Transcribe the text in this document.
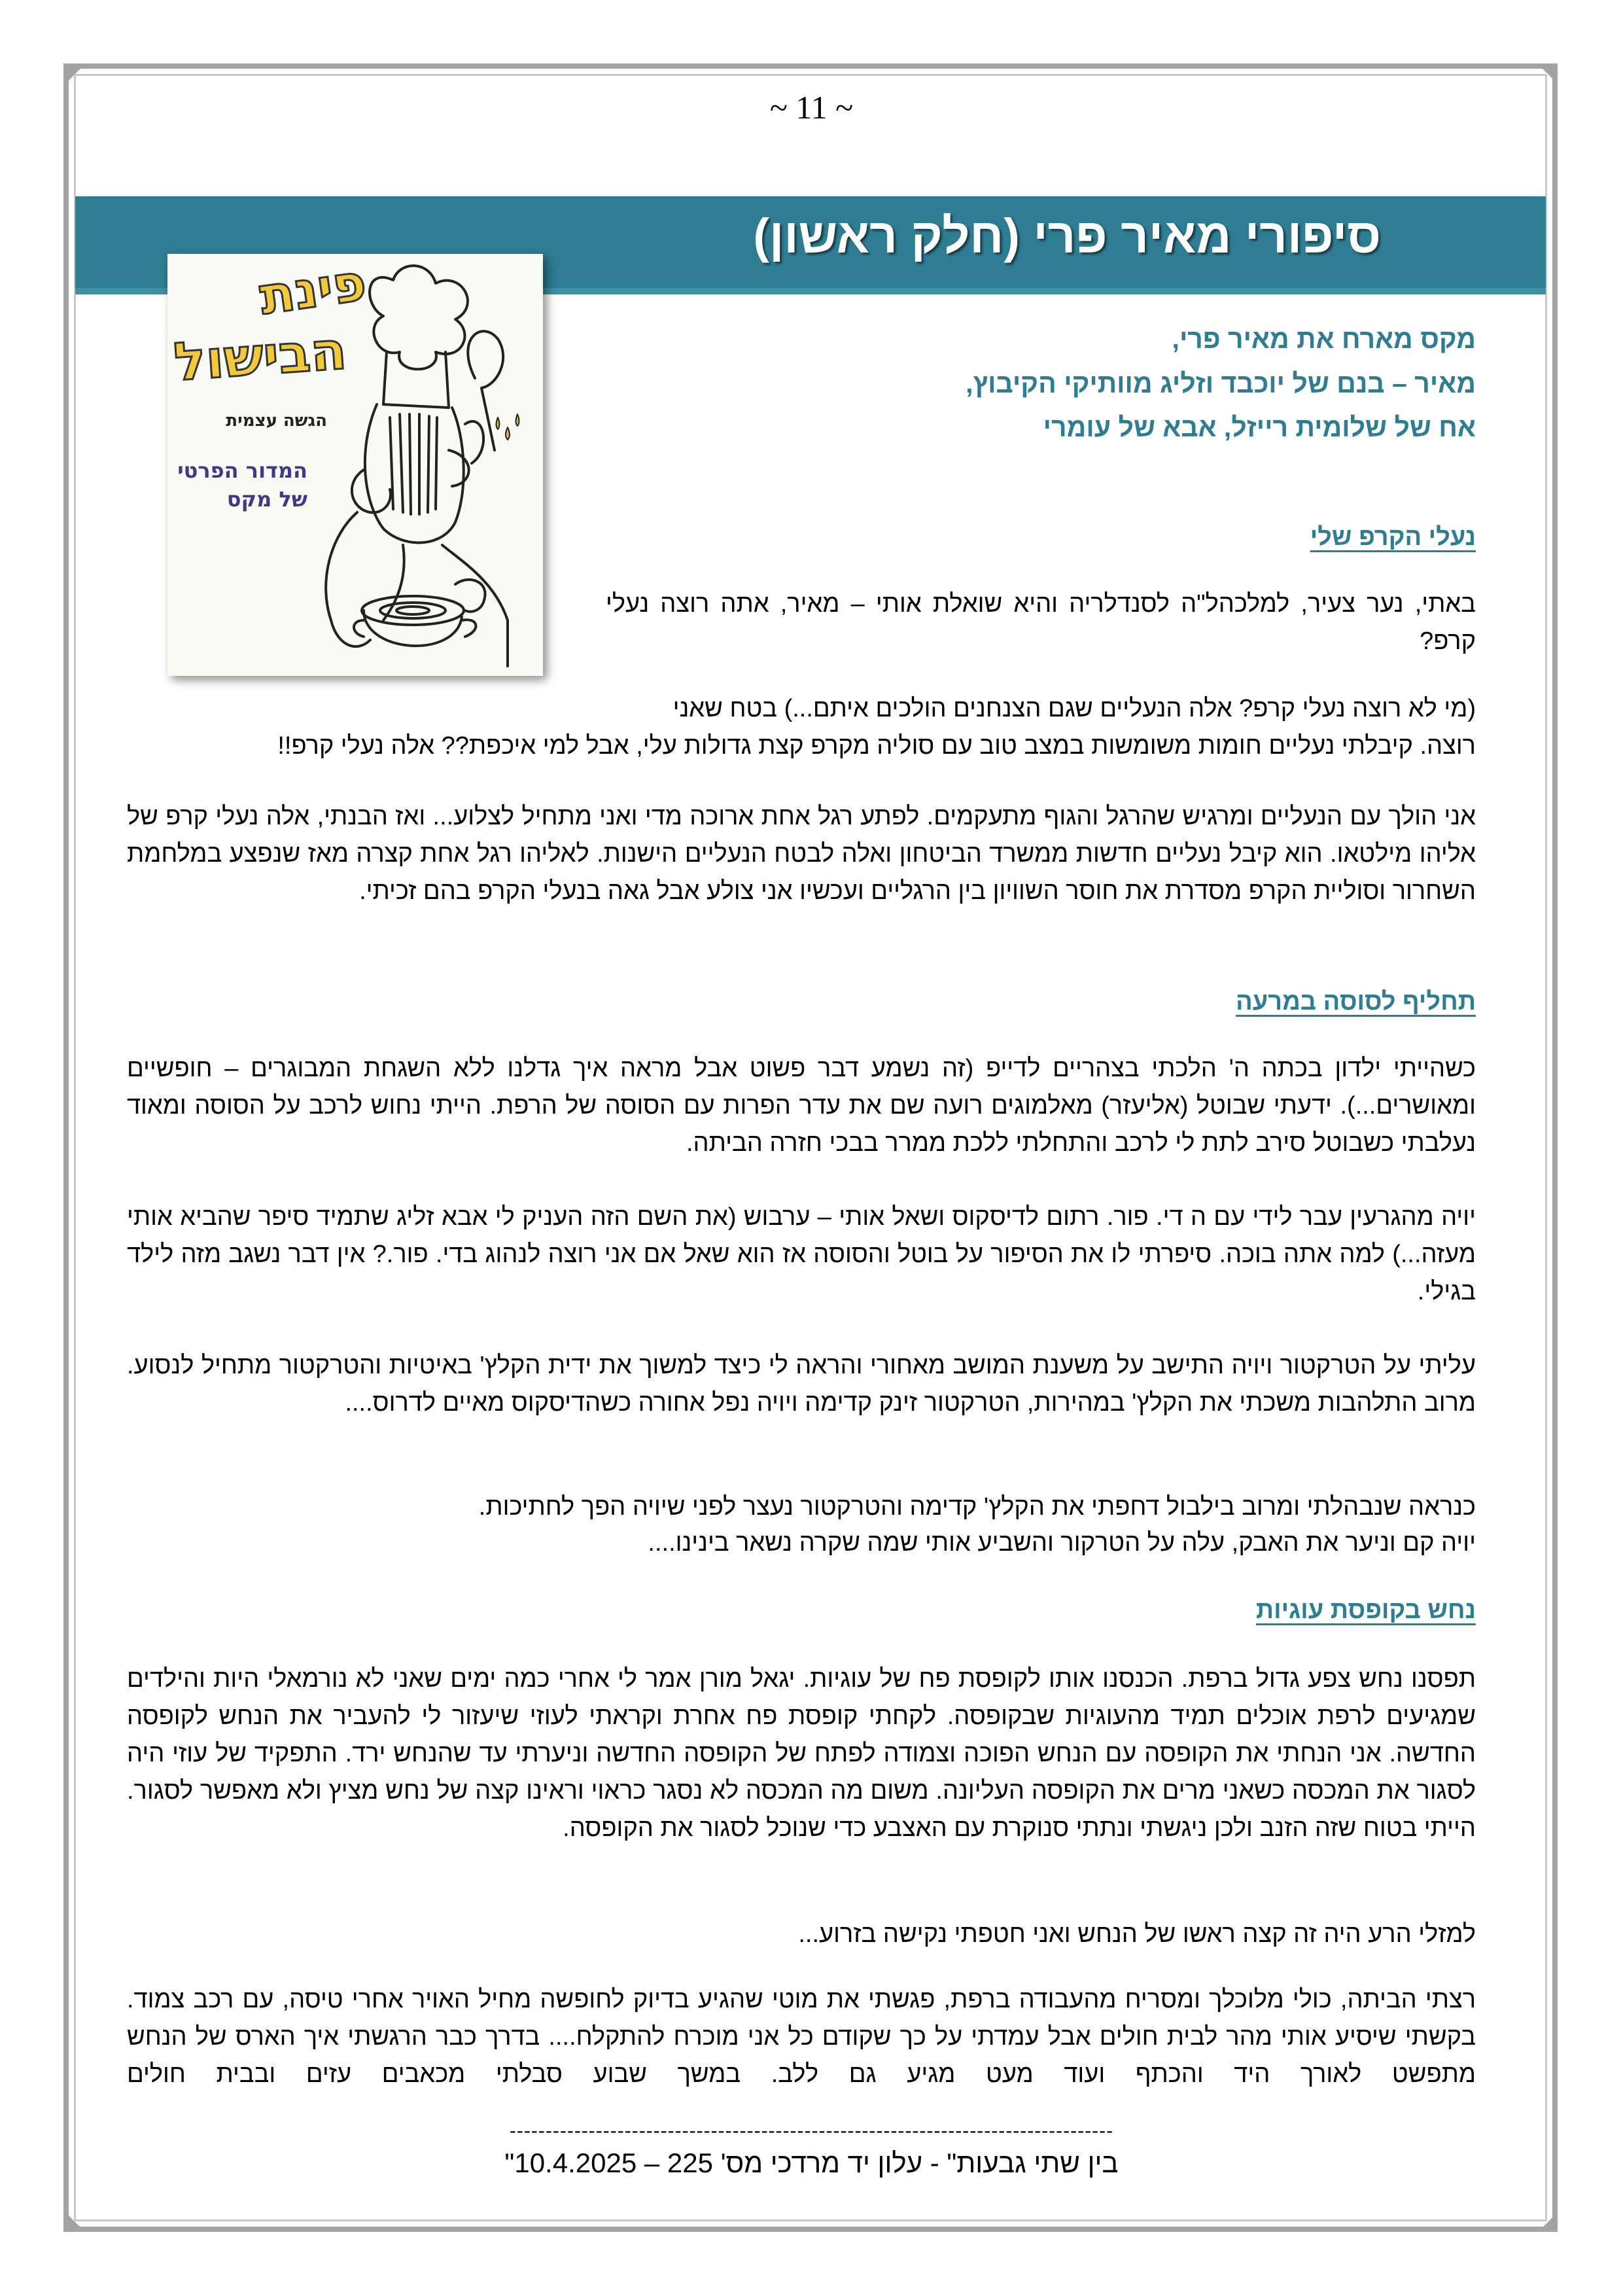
~ 11 ~
סיפורי מאיר פרי (חלק ראשון)
פינת
הבישול
הגשה עצמית
המדור הפרטי
של מקס
מקס מארח את מאיר פרי,
מאיר – בנם של יוכבד וזליג מוותיקי הקיבוץ,
אח של שלומית רייזל, אבא של עומרי
נעלי הקרפ שלי
באתי, נער צעיר, למלכהל"ה לסנדלריה והיא שואלת אותי – מאיר, אתה רוצה נעלי קרפ?
(מי לא רוצה נעלי קרפ? אלה הנעליים שגם הצנחנים הולכים איתם...) בטח שאני
רוצה. קיבלתי נעליים חומות משומשות במצב טוב עם סוליה מקרפ קצת גדולות עלי, אבל למי איכפת?? אלה נעלי קרפ!!
אני הולך עם הנעליים ומרגיש שהרגל והגוף מתעקמים. לפתע רגל אחת ארוכה מדי ואני מתחיל לצלוע... ואז הבנתי, אלה נעלי קרפ של אליהו מילטאו. הוא קיבל נעליים חדשות ממשרד הביטחון ואלה לבטח הנעליים הישנות. לאליהו רגל אחת קצרה מאז שנפצע במלחמת השחרור וסוליית הקרפ מסדרת את חוסר השוויון בין הרגליים ועכשיו אני צולע אבל גאה בנעלי הקרפ בהם זכיתי.
תחליף לסוסה במרעה
כשהייתי ילדון בכתה ה' הלכתי בצהריים לדייפ (זה נשמע דבר פשוט אבל מראה איך גדלנו ללא השגחת המבוגרים – חופשיים ומאושרים...). ידעתי שבוטל (אליעזר) מאלמוגים רועה שם את עדר הפרות עם הסוסה של הרפת. הייתי נחוש לרכב על הסוסה ומאוד נעלבתי כשבוטל סירב לתת לי לרכב והתחלתי ללכת ממרר בבכי חזרה הביתה.
יויה מהגרעין עבר לידי עם ה די. פור. רתום לדיסקוס ושאל אותי – ערבוש (את השם הזה העניק לי אבא זליג שתמיד סיפר שהביא אותי מעזה...) למה אתה בוכה. סיפרתי לו את הסיפור על בוטל והסוסה אז הוא שאל אם אני רוצה לנהוג בדי. פור.? אין דבר נשגב מזה לילד בגילי.
עליתי על הטרקטור ויויה התישב על משענת המושב מאחורי והראה לי כיצד למשוך את ידית הקלץ' באיטיות והטרקטור מתחיל לנסוע. מרוב התלהבות משכתי את הקלץ' במהירות, הטרקטור זינק קדימה ויויה נפל אחורה כשהדיסקוס מאיים לדרוס....
כנראה שנבהלתי ומרוב בילבול דחפתי את הקלץ' קדימה והטרקטור נעצר לפני שיויה הפך לחתיכות.
יויה קם וניער את האבק, עלה על הטרקור והשביע אותי שמה שקרה נשאר בינינו....
נחש בקופסת עוגיות
תפסנו נחש צפע גדול ברפת. הכנסנו אותו לקופסת פח של עוגיות. יגאל מורן אמר לי אחרי כמה ימים שאני לא נורמאלי היות והילדים שמגיעים לרפת אוכלים תמיד מהעוגיות שבקופסה. לקחתי קופסת פח אחרת וקראתי לעוזי שיעזור לי להעביר את הנחש לקופסה החדשה. אני הנחתי את הקופסה עם הנחש הפוכה וצמודה לפתח של הקופסה החדשה וניערתי עד שהנחש ירד. התפקיד של עוזי היה לסגור את המכסה כשאני מרים את הקופסה העליונה. משום מה המכסה לא נסגר כראוי וראינו קצה של נחש מציץ ולא מאפשר לסגור. הייתי בטוח שזה הזנב ולכן ניגשתי ונתתי סנוקרת עם האצבע כדי שנוכל לסגור את הקופסה.
למזלי הרע היה זה קצה ראשו של הנחש ואני חטפתי נקישה בזרוע...
רצתי הביתה, כולי מלוכלך ומסריח מהעבודה ברפת, פגשתי את מוטי שהגיע בדיוק לחופשה מחיל האויר אחרי טיסה, עם רכב צמוד. בקשתי שיסיע אותי מהר לבית חולים אבל עמדתי על כך שקודם כל אני מוכרח להתקלח.... בדרך כבר הרגשתי איך הארס של הנחש מתפשט לאורך היד והכתף ועוד מעט מגיע גם ללב. במשך שבוע סבלתי מכאבים עזים ובבית חולים
------------------------------------------------------------------------------------
"בין שתי גבעות" - עלון יד מרדכי מס' 225 – 10.4.2025
